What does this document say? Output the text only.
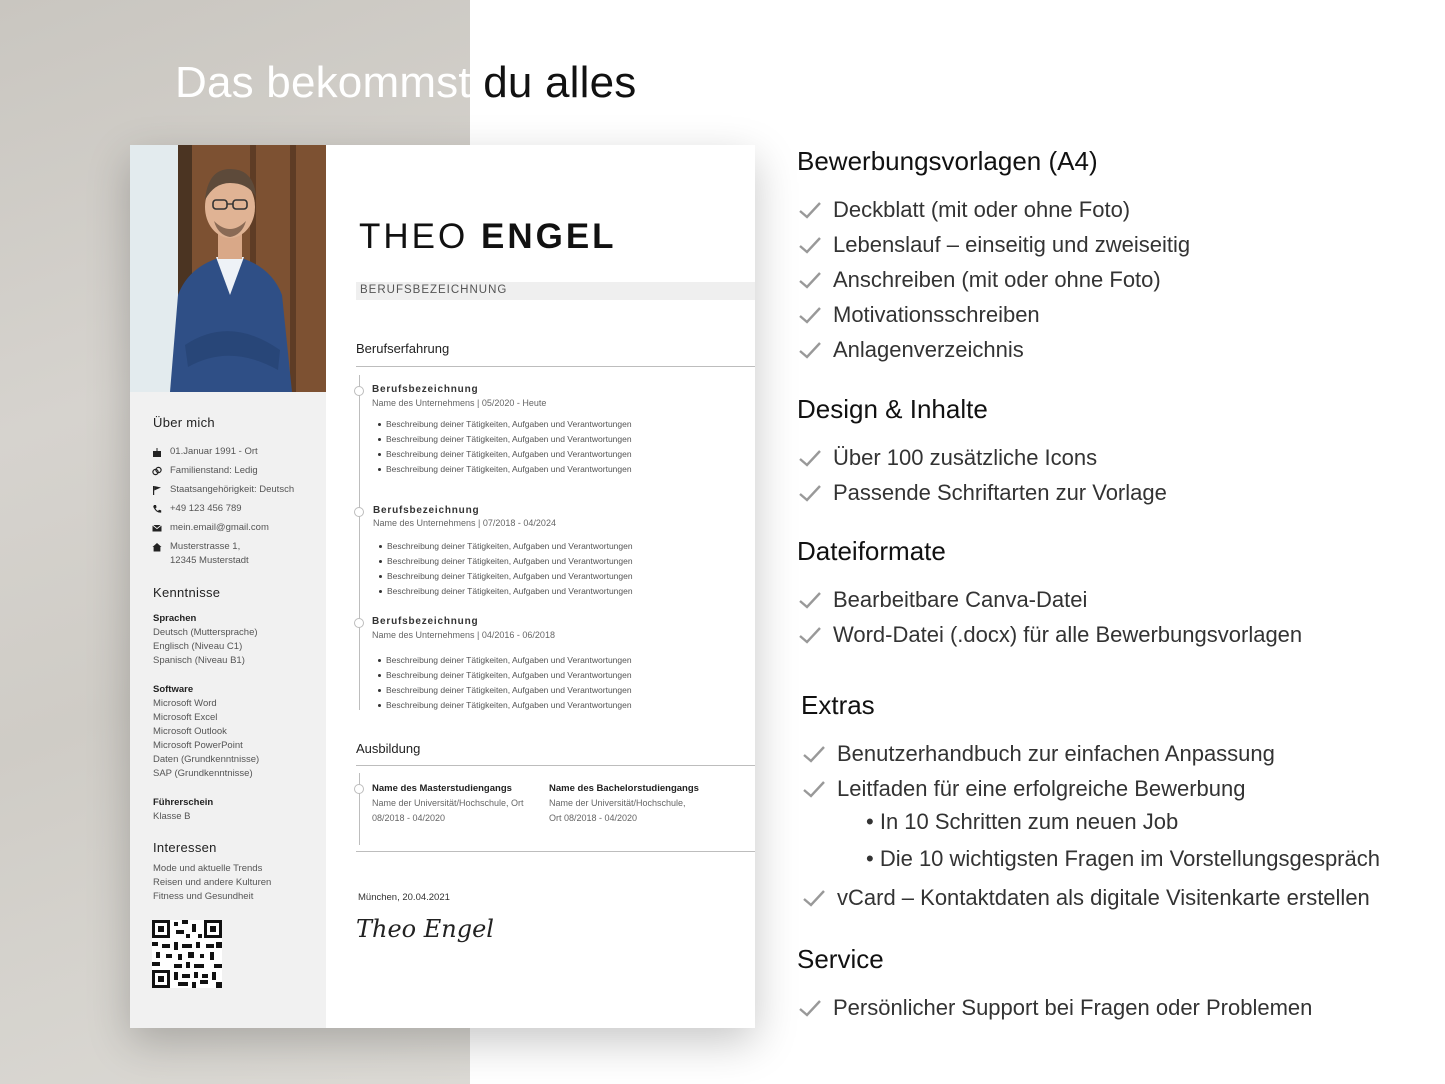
Das bekommst du alles
Über mich
01.Januar 1991 - Ort
Familienstand: Ledig
Staatsangehörigkeit: Deutsch
+49 123 456 789
mein.email@gmail.com
Musterstrasse 1,
12345 Musterstadt
Kenntnisse
Sprachen
Deutsch (Muttersprache)
Englisch (Niveau C1)
Spanisch (Niveau B1)
Software
Microsoft Word
Microsoft Excel
Microsoft Outlook
Microsoft PowerPoint
Daten (Grundkenntnisse)
SAP (Grundkenntnisse)
Führerschein
Klasse B
Interessen
Mode und aktuelle Trends
Reisen und andere Kulturen
Fitness und Gesundheit
THEO ENGEL
BERUFSBEZEICHNUNG
Berufserfahrung
Berufsbezeichnung
Name des Unternehmens | 05/2020 - Heute
Beschreibung deiner Tätigkeiten, Aufgaben und Verantwortungen
Beschreibung deiner Tätigkeiten, Aufgaben und Verantwortungen
Beschreibung deiner Tätigkeiten, Aufgaben und Verantwortungen
Beschreibung deiner Tätigkeiten, Aufgaben und Verantwortungen
Berufsbezeichnung
Name des Unternehmens | 07/2018 - 04/2024
Beschreibung deiner Tätigkeiten, Aufgaben und Verantwortungen
Beschreibung deiner Tätigkeiten, Aufgaben und Verantwortungen
Beschreibung deiner Tätigkeiten, Aufgaben und Verantwortungen
Beschreibung deiner Tätigkeiten, Aufgaben und Verantwortungen
Berufsbezeichnung
Name des Unternehmens | 04/2016 - 06/2018
Beschreibung deiner Tätigkeiten, Aufgaben und Verantwortungen
Beschreibung deiner Tätigkeiten, Aufgaben und Verantwortungen
Beschreibung deiner Tätigkeiten, Aufgaben und Verantwortungen
Beschreibung deiner Tätigkeiten, Aufgaben und Verantwortungen
Ausbildung
Name des Masterstudiengangs
Name der Universität/Hochschule, Ort
08/2018 - 04/2020
Name des Bachelorstudiengangs
Name der Universität/Hochschule,
Ort 08/2018 - 04/2020
München, 20.04.2021
Theo Engel
Bewerbungsvorlagen (A4)
Deckblatt (mit oder ohne Foto)
Lebenslauf – einseitig und zweiseitig
Anschreiben (mit oder ohne Foto)
Motivationsschreiben
Anlagenverzeichnis
Design & Inhalte
Über 100 zusätzliche Icons
Passende Schriftarten zur Vorlage
Dateiformate
Bearbeitbare Canva-Datei
Word-Datei (.docx) für alle Bewerbungsvorlagen
Extras
Benutzerhandbuch zur einfachen Anpassung
Leitfaden für eine erfolgreiche Bewerbung
• In 10 Schritten zum neuen Job
• Die 10 wichtigsten Fragen im Vorstellungsgespräch
vCard – Kontaktdaten als digitale Visitenkarte erstellen
Service
Persönlicher Support bei Fragen oder Problemen
